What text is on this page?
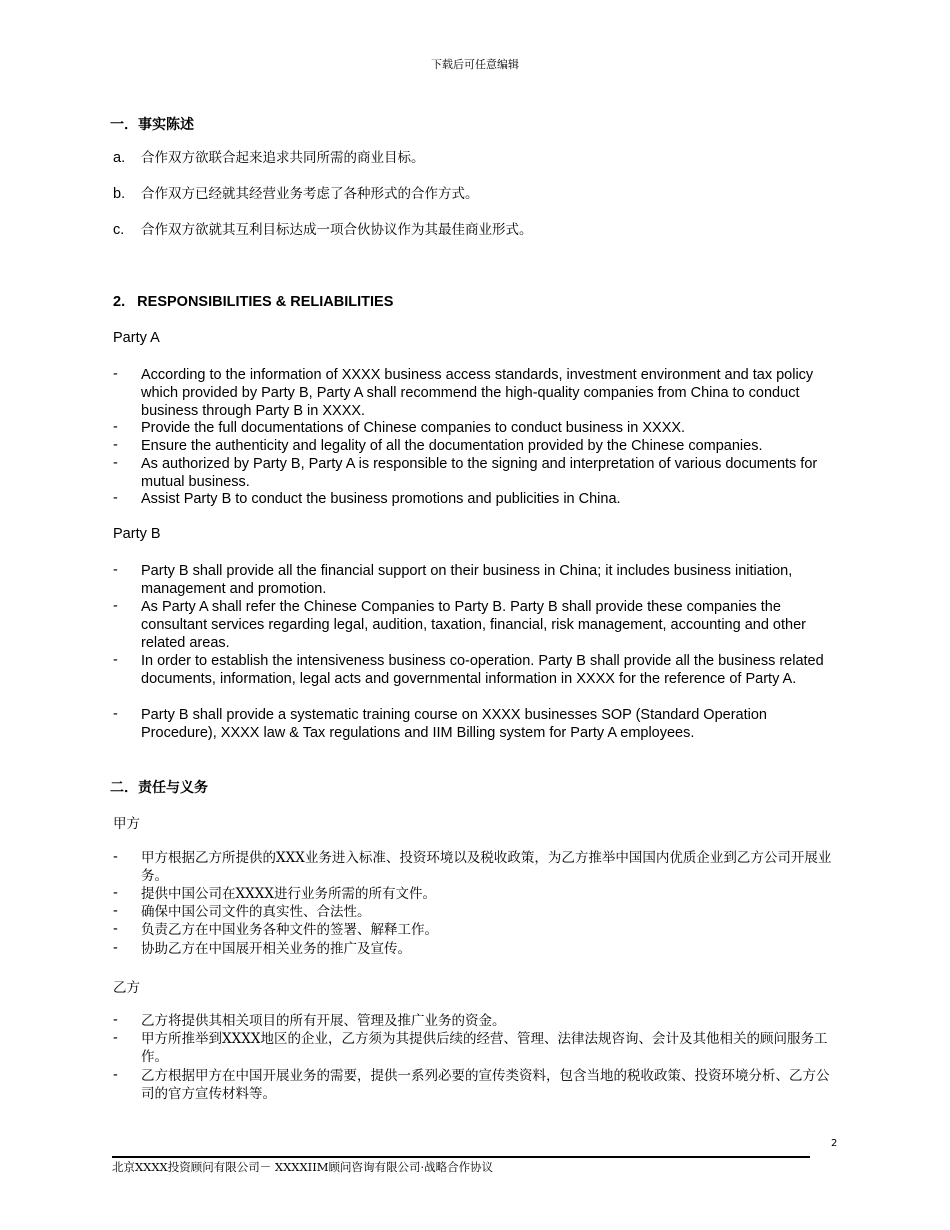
下载后可任意编辑
一．事实陈述
a. 合作双方欲联合起来追求共同所需的商业目标。
b. 合作双方已经就其经营业务考虑了各种形式的合作方式。
c. 合作双方欲就其互利目标达成一项合伙协议作为其最佳商业形式。
2.   RESPONSIBILITIES & RELIABILITIES
Party A
- According to the information of XXXX business access standards, investment environment and tax policy which provided by Party B, Party A shall recommend the high-quality companies from China to conduct business through Party B in XXXX.
- Provide the full documentations of Chinese companies to conduct business in XXXX.
- Ensure the authenticity and legality of all the documentation provided by the Chinese companies.
- As authorized by Party B, Party A is responsible to the signing and interpretation of various documents for mutual business.
- Assist Party B to conduct the business promotions and publicities in China.
Party B
- Party B shall provide all the financial support on their business in China; it includes business initiation, management and promotion.
- As Party A shall refer the Chinese Companies to Party B. Party B shall provide these companies the consultant services regarding legal, audition, taxation, financial, risk management, accounting and other related areas.
- In order to establish the intensiveness business co-operation. Party B shall provide all the business related documents, information, legal acts and governmental information in XXXX for the reference of Party A.
- Party B shall provide a systematic training course on XXXX businesses SOP (Standard Operation Procedure), XXXX law & Tax regulations and IIM Billing system for Party A employees.
二．责任与义务
甲方
- 甲方根据乙方所提供的XXX业务进入标准、投资环境以及税收政策，为乙方推举中国国内优质企业到乙方公司开展业务。
- 提供中国公司在XXXX进行业务所需的所有文件。
- 确保中国公司文件的真实性、合法性。
- 负责乙方在中国业务各种文件的签署、解释工作。
- 协助乙方在中国展开相关业务的推广及宣传。
乙方
- 乙方将提供其相关项目的所有开展、管理及推广业务的资金。
- 甲方所推举到XXXX地区的企业，乙方须为其提供后续的经营、管理、法律法规咨询、会计及其他相关的顾问服务工作。
- 乙方根据甲方在中国开展业务的需要，提供一系列必要的宣传类资料，包含当地的税收政策、投资环境分析、乙方公司的官方宣传材料等。
2
北京XXXX投资顾问有限公司－ XXXXIIM顾问咨询有限公司·战略合作协议
